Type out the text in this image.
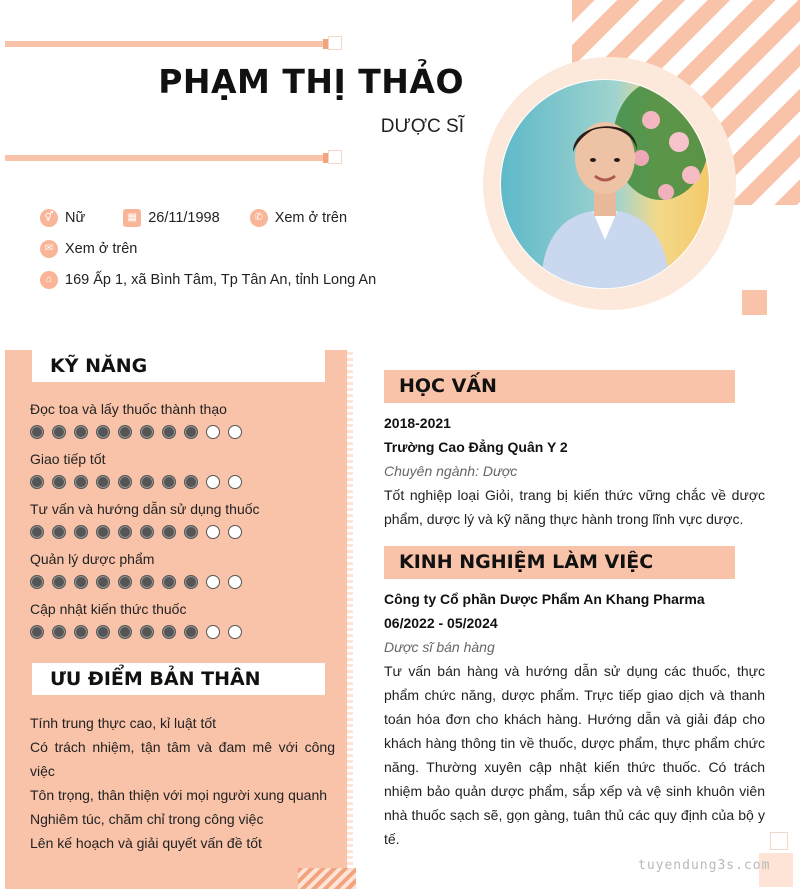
PHẠM THỊ THẢO
DƯỢC SĨ
⚥ Nữ	▦ 26/11/1998	✆ Xem ở trên
✉ Xem ở trên
⌂ 169 Ấp 1, xã Bình Tâm, Tp Tân An, tỉnh Long An
KỸ NĂNG
Đọc toa và lấy thuốc thành thạo
Giao tiếp tốt
Tư vấn và hướng dẫn sử dụng thuốc
Quản lý dược phẩm
Cập nhật kiến thức thuốc
ƯU ĐIỂM BẢN THÂN
Tính trung thực cao, kỉ luật tốt
Có trách nhiệm, tận tâm và đam mê với công việc
Tôn trọng, thân thiện với mọi người xung quanh
Nghiêm túc, chăm chỉ trong công việc
Lên kế hoạch và giải quyết vấn đề tốt
HỌC VẤN
2018-2021
Trường Cao Đẳng Quân Y 2
Chuyên ngành: Dược
Tốt nghiệp loại Giỏi, trang bị kiến thức vững chắc về dược phẩm, dược lý và kỹ năng thực hành trong lĩnh vực dược.
KINH NGHIỆM LÀM VIỆC
Công ty Cổ phần Dược Phẩm An Khang Pharma
06/2022 - 05/2024
Dược sĩ bán hàng
Tư vấn bán hàng và hướng dẫn sử dụng các thuốc, thực phẩm chức năng, dược phẩm. Trực tiếp giao dịch và thanh toán hóa đơn cho khách hàng. Hướng dẫn và giải đáp cho khách hàng thông tin về thuốc, dược phẩm, thực phẩm chức năng. Thường xuyên cập nhật kiến thức thuốc. Có trách nhiệm bảo quản dược phẩm, sắp xếp và vệ sinh khuôn viên nhà thuốc sạch sẽ, gọn gàng, tuân thủ các quy định của bộ y tế.
tuyendung3s.com
